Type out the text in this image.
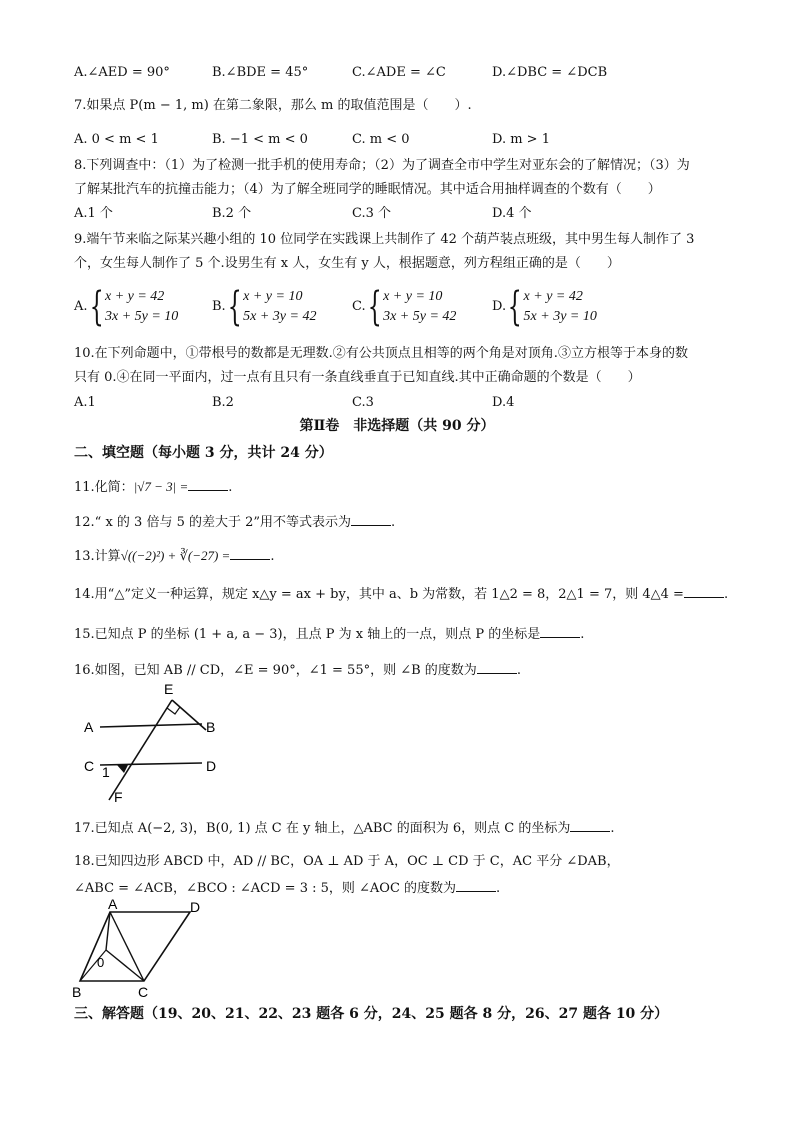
A.∠AED = 90°	B.∠BDE = 45°	C.∠ADE = ∠C	D.∠DBC = ∠DCB
7.如果点 P(m − 1, m) 在第二象限，那么 m 的取值范围是（　　）.
A. 0 < m < 1	B. −1 < m < 0	C. m < 0	D. m > 1
8.下列调查中：（1）为了检测一批手机的使用寿命；（2）为了调查全市中学生对亚东会的了解情况；（3）为
了解某批汽车的抗撞击能力；（4）为了解全班同学的睡眠情况。其中适合用抽样调查的个数有（　　）
A.1 个	B.2 个	C.3 个	D.4 个
9.端午节来临之际某兴趣小组的 10 位同学在实践课上共制作了 42 个葫芦装点班级，其中男生每人制作了 3
个，女生每人制作了 5 个.设男生有 x 人，女生有 y 人，根据题意，列方程组正确的是（　　）
A. { x + y = 42
3x + 5y = 10
B. { x + y = 10
5x + 3y = 42
C. { x + y = 10
3x + 5y = 42
D. { x + y = 42
5x + 3y = 10
10.在下列命题中，①带根号的数都是无理数.②有公共顶点且相等的两个角是对顶角.③立方根等于本身的数
只有 0.④在同一平面内，过一点有且只有一条直线垂直于已知直线.其中正确命题的个数是（　　）
A.1	B.2	C.3	D.4
第Ⅱ卷　非选择题（共 90 分）
二、填空题（每小题 3 分，共计 24 分）
11.化简：|√7 − 3| =	.
12.“ x 的 3 倍与 5 的差大于 2”用不等式表示为	.
13.计算√((−2)²) + ∛(−27) =	.
14.用“△”定义一种运算，规定 x△y = ax + by，其中 a、b 为常数，若 1△2 = 8，2△1 = 7，则 4△4 =	.
15.已知点 P 的坐标 (1 + a, a − 3)，且点 P 为 x 轴上的一点，则点 P 的坐标是	.
16.如图，已知 AB // CD，∠E = 90°，∠1 = 55°，则 ∠B 的度数为	.
E
A	B
C	D
1
F
17.已知点 A(−2, 3)，B(0, 1) 点 C 在 y 轴上，△ABC 的面积为 6，则点 C 的坐标为	.
18.已知四边形 ABCD 中，AD // BC，OA ⊥ AD 于 A，OC ⊥ CD 于 C，AC 平分 ∠DAB，
∠ABC = ∠ACB，∠BCO : ∠ACD = 3 : 5，则 ∠AOC 的度数为	.
A	D
0
B	C
三、解答题（19、20、21、22、23 题各 6 分，24、25 题各 8 分，26、27 题各 10 分）
